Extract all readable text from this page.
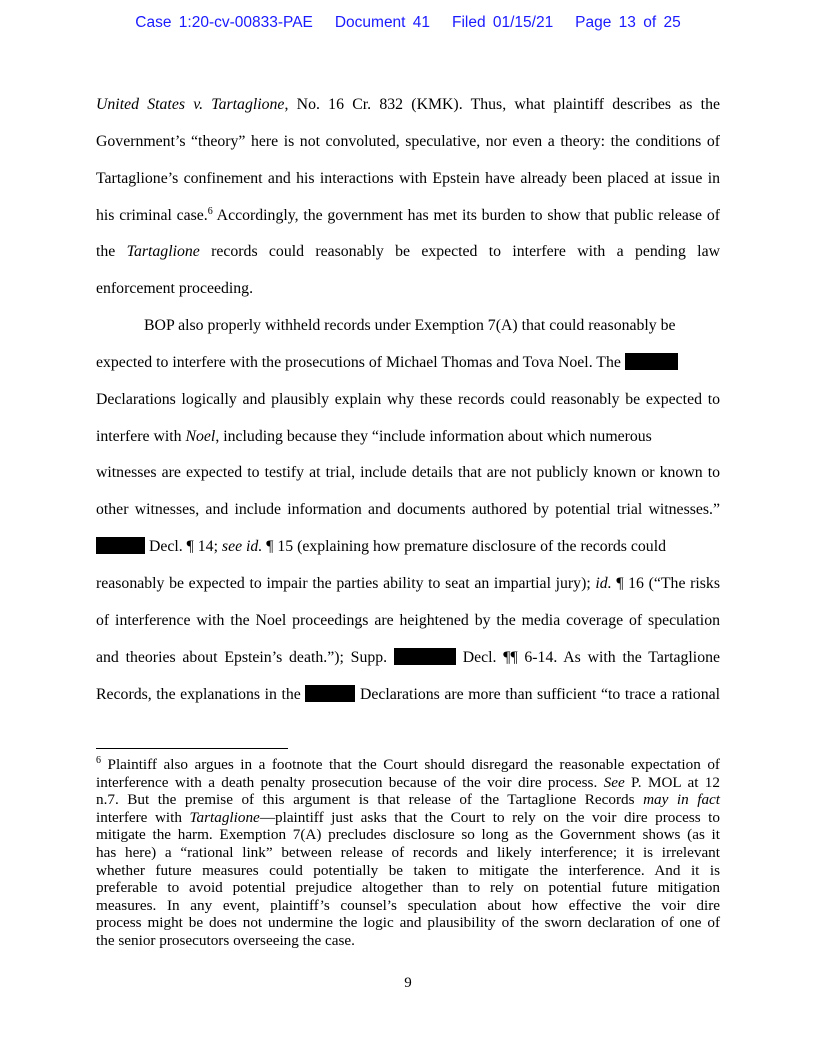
Case 1:20-cv-00833-PAE Document 41 Filed 01/15/21 Page 13 of 25

United States v. Tartaglione, No. 16 Cr. 832 (KMK). Thus, what plaintiff describes as the

Government’s “theory” here is not convoluted, speculative, nor even a theory: the conditions of

Tartaglione’s confinement and his interactions with Epstein have already been placed at issue in

his criminal case.$^6$ Accordingly, the government has met its burden to show that public release of

the Tartaglione records could reasonably be expected to interfere with a pending law

enforcement proceeding.

BOP also properly withheld records under Exemption 7(A) that could reasonably be

expected to interfere with the prosecutions of Michael Thomas and Tova Noel. The

Declarations logically and plausibly explain why these records could reasonably be expected to

interfere with Noel, including because they “include information about which numerous

witnesses are expected to testify at trial, include details that are not publicly known or known to

other witnesses, and include information and documents authored by potential trial witnesses.”

Decl. ¶ 14; see id. ¶ 15 (explaining how premature disclosure of the records could

reasonably be expected to impair the parties ability to seat an impartial jury); id. ¶ 16 (“The risks

of interference with the Noel proceedings are heightened by the media coverage of speculation

and theories about Epstein’s death.”); Supp.	Decl. ¶¶ 6-14. As with the Tartaglione

Records, the explanations in the	Declarations are more than sufficient “to trace a rational

$^6$ Plaintiff also argues in a footnote that the Court should disregard the reasonable expectation of
interference with a death penalty prosecution because of the voir dire process. See P. MOL at 12
n.7. But the premise of this argument is that release of the Tartaglione Records may in fact
interfere with Tartaglione—plaintiff just asks that the Court to rely on the voir dire process to
mitigate the harm. Exemption 7(A) precludes disclosure so long as the Government shows (as it
has here) a “rational link” between release of records and likely interference; it is irrelevant
whether future measures could potentially be taken to mitigate the interference. And it is
preferable to avoid potential prejudice altogether than to rely on potential future mitigation
measures. In any event, plaintiff’s counsel’s speculation about how effective the voir dire
process might be does not undermine the logic and plausibility of the sworn declaration of one of
the senior prosecutors overseeing the case.
9
